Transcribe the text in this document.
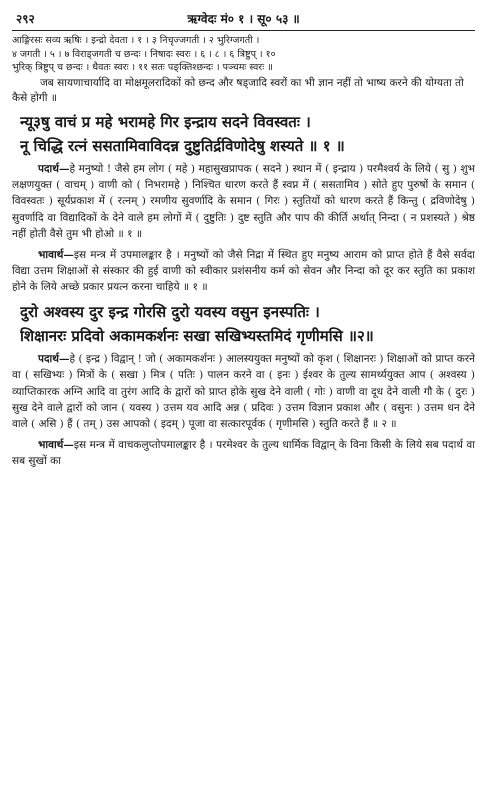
२९२	ऋग्वेदः मं० १ । सू० ५३ ॥

आङ्गिरसः सव्य ऋषिः । इन्द्रो देवता । १ । ३ निचृज्जगती । २ भुरिग्जगती ।

४ जगती । ५ । ७ विराड्जगती च छन्दः । निषादः स्वरः । ६ । ८ । ६ त्रिष्टुप् । १०

भुरिक् त्रिष्टुप् च छन्दः । धैवतः स्वरः । ११ सतः पङ्क्तिश्छन्दः । पञ्चमः स्वरः ॥

जब सायणाचार्यादि वा मोक्षमूलरादिकों को छन्द और षड्जादि स्वरों का भी ज्ञान नहीं तो भाष्य करने की योग्यता तो कैसे होगी ॥

न्यू३षु वाचं प्र महे भरामहे गिर इन्द्राय सदने विवस्वतः ।
नू चिद्धि रत्नं ससतामिवाविदन्न दुष्टुतिर्द्रविणोदेषु शस्यते ॥ १ ॥

पदार्थ—हे मनुष्यो ! जैसे हम लोग ( महे ) महासुखप्रापक ( सदने ) स्थान में ( इन्द्राय ) परमैश्वर्य के लिये ( सु ) शुभ लक्षणयुक्त ( वाचम् ) वाणी को ( निभरामहे ) निश्चित धारण करते हैं स्वप्न में ( ससतामिव ) सोते हुए पुरुषों के समान ( विवस्वतः ) सूर्यप्रकाश में ( रत्नम् ) रमणीय सुवर्णादि के समान ( गिरः ) स्तुतियों को धारण करते हैं किन्तु ( द्रविणोदेषु ) सुवर्णादि वा विद्यादिकों के देने वाले हम लोगों में ( दुष्टुतिः ) दुष्ट स्तुति और पाप की कीर्ति अर्थात् निन्दा ( न प्रशस्यते ) श्रेष्ठ नहीं होती वैसे तुम भी होओ ॥ १ ॥

भावार्थ—इस मन्त्र में उपमालङ्कार है । मनुष्यों को जैसे निद्रा में स्थित हुए मनुष्य आराम को प्राप्त होते हैं वैसे सर्वदा विद्या उत्तम शिक्षाओं से संस्कार की हुई वाणी को स्वीकार प्रशंसनीय कर्म को सेवन और निन्दा को दूर कर स्तुति का प्रकाश होने के लिये अच्छे प्रकार प्रयत्न करना चाहिये ॥ १ ॥

दुरो अश्वस्य दुर इन्द्र गोरसि दुरो यवस्य वसुन इनस्पतिः ।
शिक्षानरः प्रदिवो अकामकर्शनः सखा सखिभ्यस्तमिदं गृणीमसि ॥२॥

पदार्थ—हे ( इन्द्र ) विद्वान् ! जो ( अकामकर्शनः ) आलस्ययुक्त मनुष्यों को कृश ( शिक्षानरः ) शिक्षाओं को प्राप्त करने वा ( सखिभ्यः ) मित्रों के ( सखा ) मित्र ( पतिः ) पालन करने वा ( इनः ) ईश्वर के तुल्य सामर्थ्ययुक्त आप ( अश्वस्य ) व्याप्तिकारक अग्नि आदि वा तुरंग आदि के द्वारों को प्राप्त होके सुख देने वाली ( गोः ) वाणी वा दूध देने वाली गौ के ( दुरः ) सुख देने वाले द्वारों को जान ( यवस्य ) उत्तम यव आदि अन्न ( प्रदिवः ) उत्तम विज्ञान प्रकाश और ( वसुनः ) उत्तम धन देने वाले ( असि ) हैं ( तम् ) उस आपको ( इदम् ) पूजा वा सत्कारपूर्वक ( गृणीमसि ) स्तुति करते हैं ॥ २ ॥

भावार्थ—इस मन्त्र में वाचकलुप्तोपमालङ्कार है । परमेश्वर के तुल्य धार्मिक विद्वान् के विना किसी के लिये सब पदार्थ वा सब सुखों का
